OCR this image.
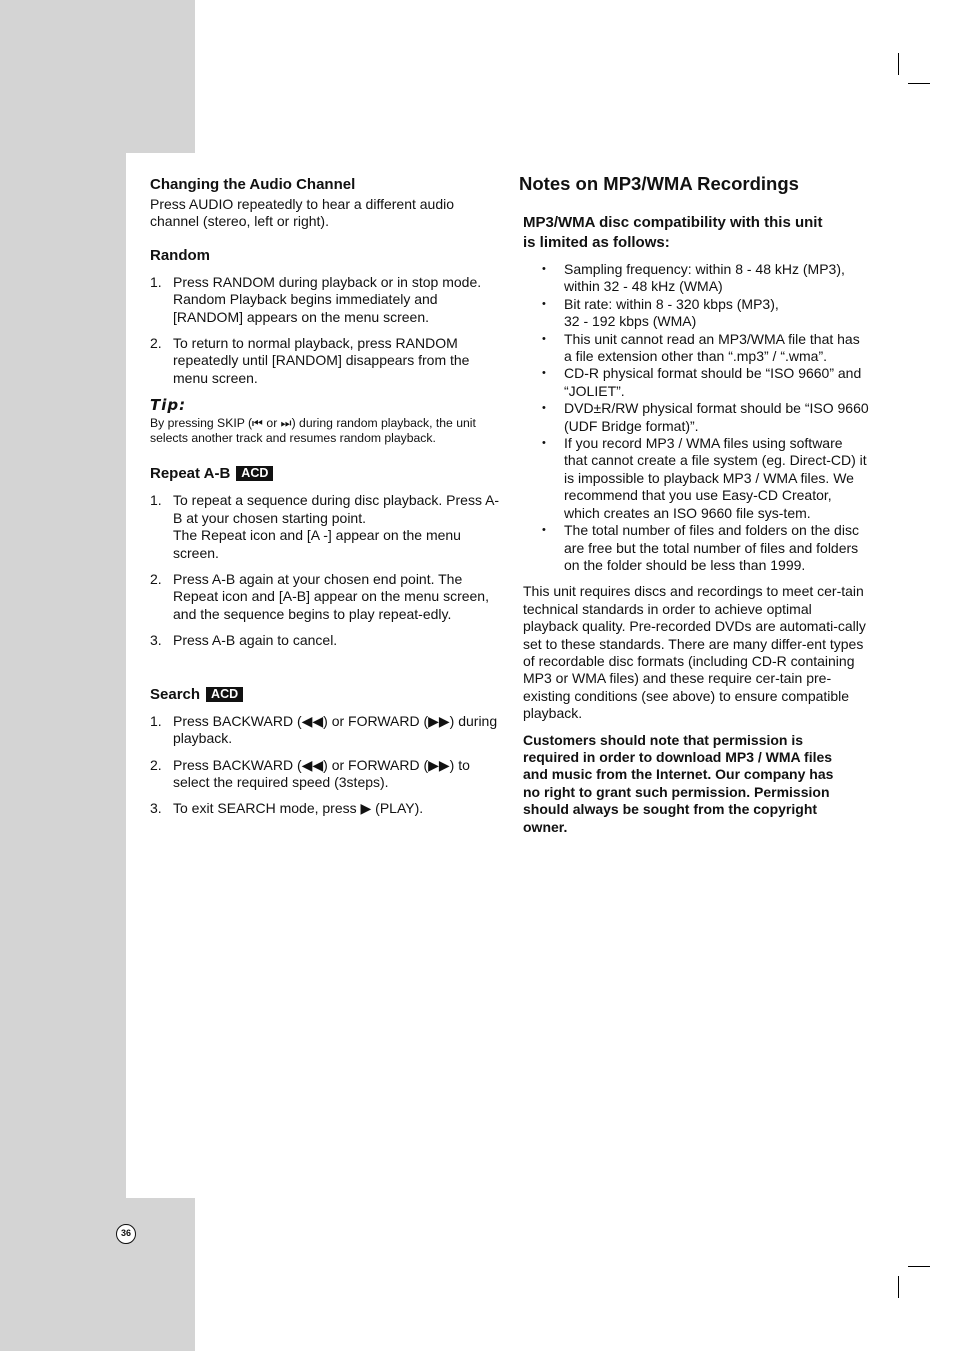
Changing the Audio Channel

Press AUDIO repeatedly to hear a different audio channel (stereo, left or right).

Random

1. Press RANDOM during playback or in stop mode. Random Playback begins immediately and [RANDOM] appears on the menu screen.
2. To return to normal playback, press RANDOM repeatedly until [RANDOM] disappears from the menu screen.

Tip:

By pressing SKIP (⏮ or ⏭) during random playback, the unit selects another track and resumes random playback.

Repeat A-B ACD

1. To repeat a sequence during disc playback. Press A-B at your chosen starting point.
The Repeat icon and [A -] appear on the menu screen.
2. Press A-B again at your chosen end point. The Repeat icon and [A-B] appear on the menu screen, and the sequence begins to play repeat-edly.
3. Press A-B again to cancel.

Search ACD

1. Press BACKWARD (◀◀) or FORWARD (▶▶) during playback.
2. Press BACKWARD (◀◀) or FORWARD (▶▶) to select the required speed (3steps).
3. To exit SEARCH mode, press ▶ (PLAY).
Notes on MP3/WMA Recordings

MP3/WMA disc compatibility with this unit is limited as follows:

• Sampling frequency: within 8 - 48 kHz (MP3), within 32 - 48 kHz (WMA)
• Bit rate: within 8 - 320 kbps (MP3), 32 - 192 kbps (WMA)
• This unit cannot read an MP3/WMA file that has a file extension other than “.mp3” / “.wma”.
• CD-R physical format should be “ISO 9660” and “JOLIET”.
• DVD±R/RW physical format should be “ISO 9660 (UDF Bridge format)”.
• If you record MP3 / WMA files using software that cannot create a file system (eg. Direct-CD) it is impossible to playback MP3 / WMA files. We recommend that you use Easy-CD Creator, which creates an ISO 9660 file sys-tem.
• The total number of files and folders on the disc are free but the total number of files and folders on the folder should be less than 1999.

This unit requires discs and recordings to meet cer-tain technical standards in order to achieve optimal playback quality. Pre-recorded DVDs are automati-cally set to these standards. There are many differ-ent types of recordable disc formats (including CD-R containing MP3 or WMA files) and these require cer-tain pre-existing conditions (see above) to ensure compatible playback.

Customers should note that permission is required in order to download MP3 / WMA files and music from the Internet. Our company has no right to grant such permission. Permission should always be sought from the copyright owner.

36
